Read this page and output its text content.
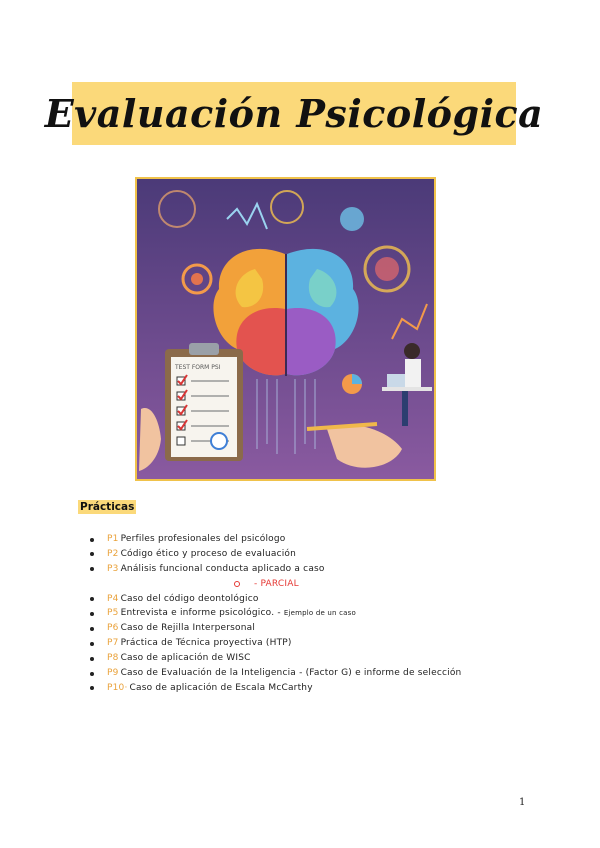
Evaluación Psicológica
TEST FORM PSI
Prácticas
P1 Perfiles profesionales del psicólogo
P2 Código ético y proceso de evaluación
P3 Análisis funcional conducta aplicado a caso
- PARCIAL
P4 Caso del código deontológico
P5 Entrevista e informe psicológico. - Ejemplo de un caso
P6 Caso de Rejilla Interpersonal
P7 Práctica de Técnica proyectiva (HTP)
P8 Caso de aplicación de WISC
P9 Caso de Evaluación de la Inteligencia - (Factor G) e informe de selección
P10· Caso de aplicación de Escala McCarthy
1
